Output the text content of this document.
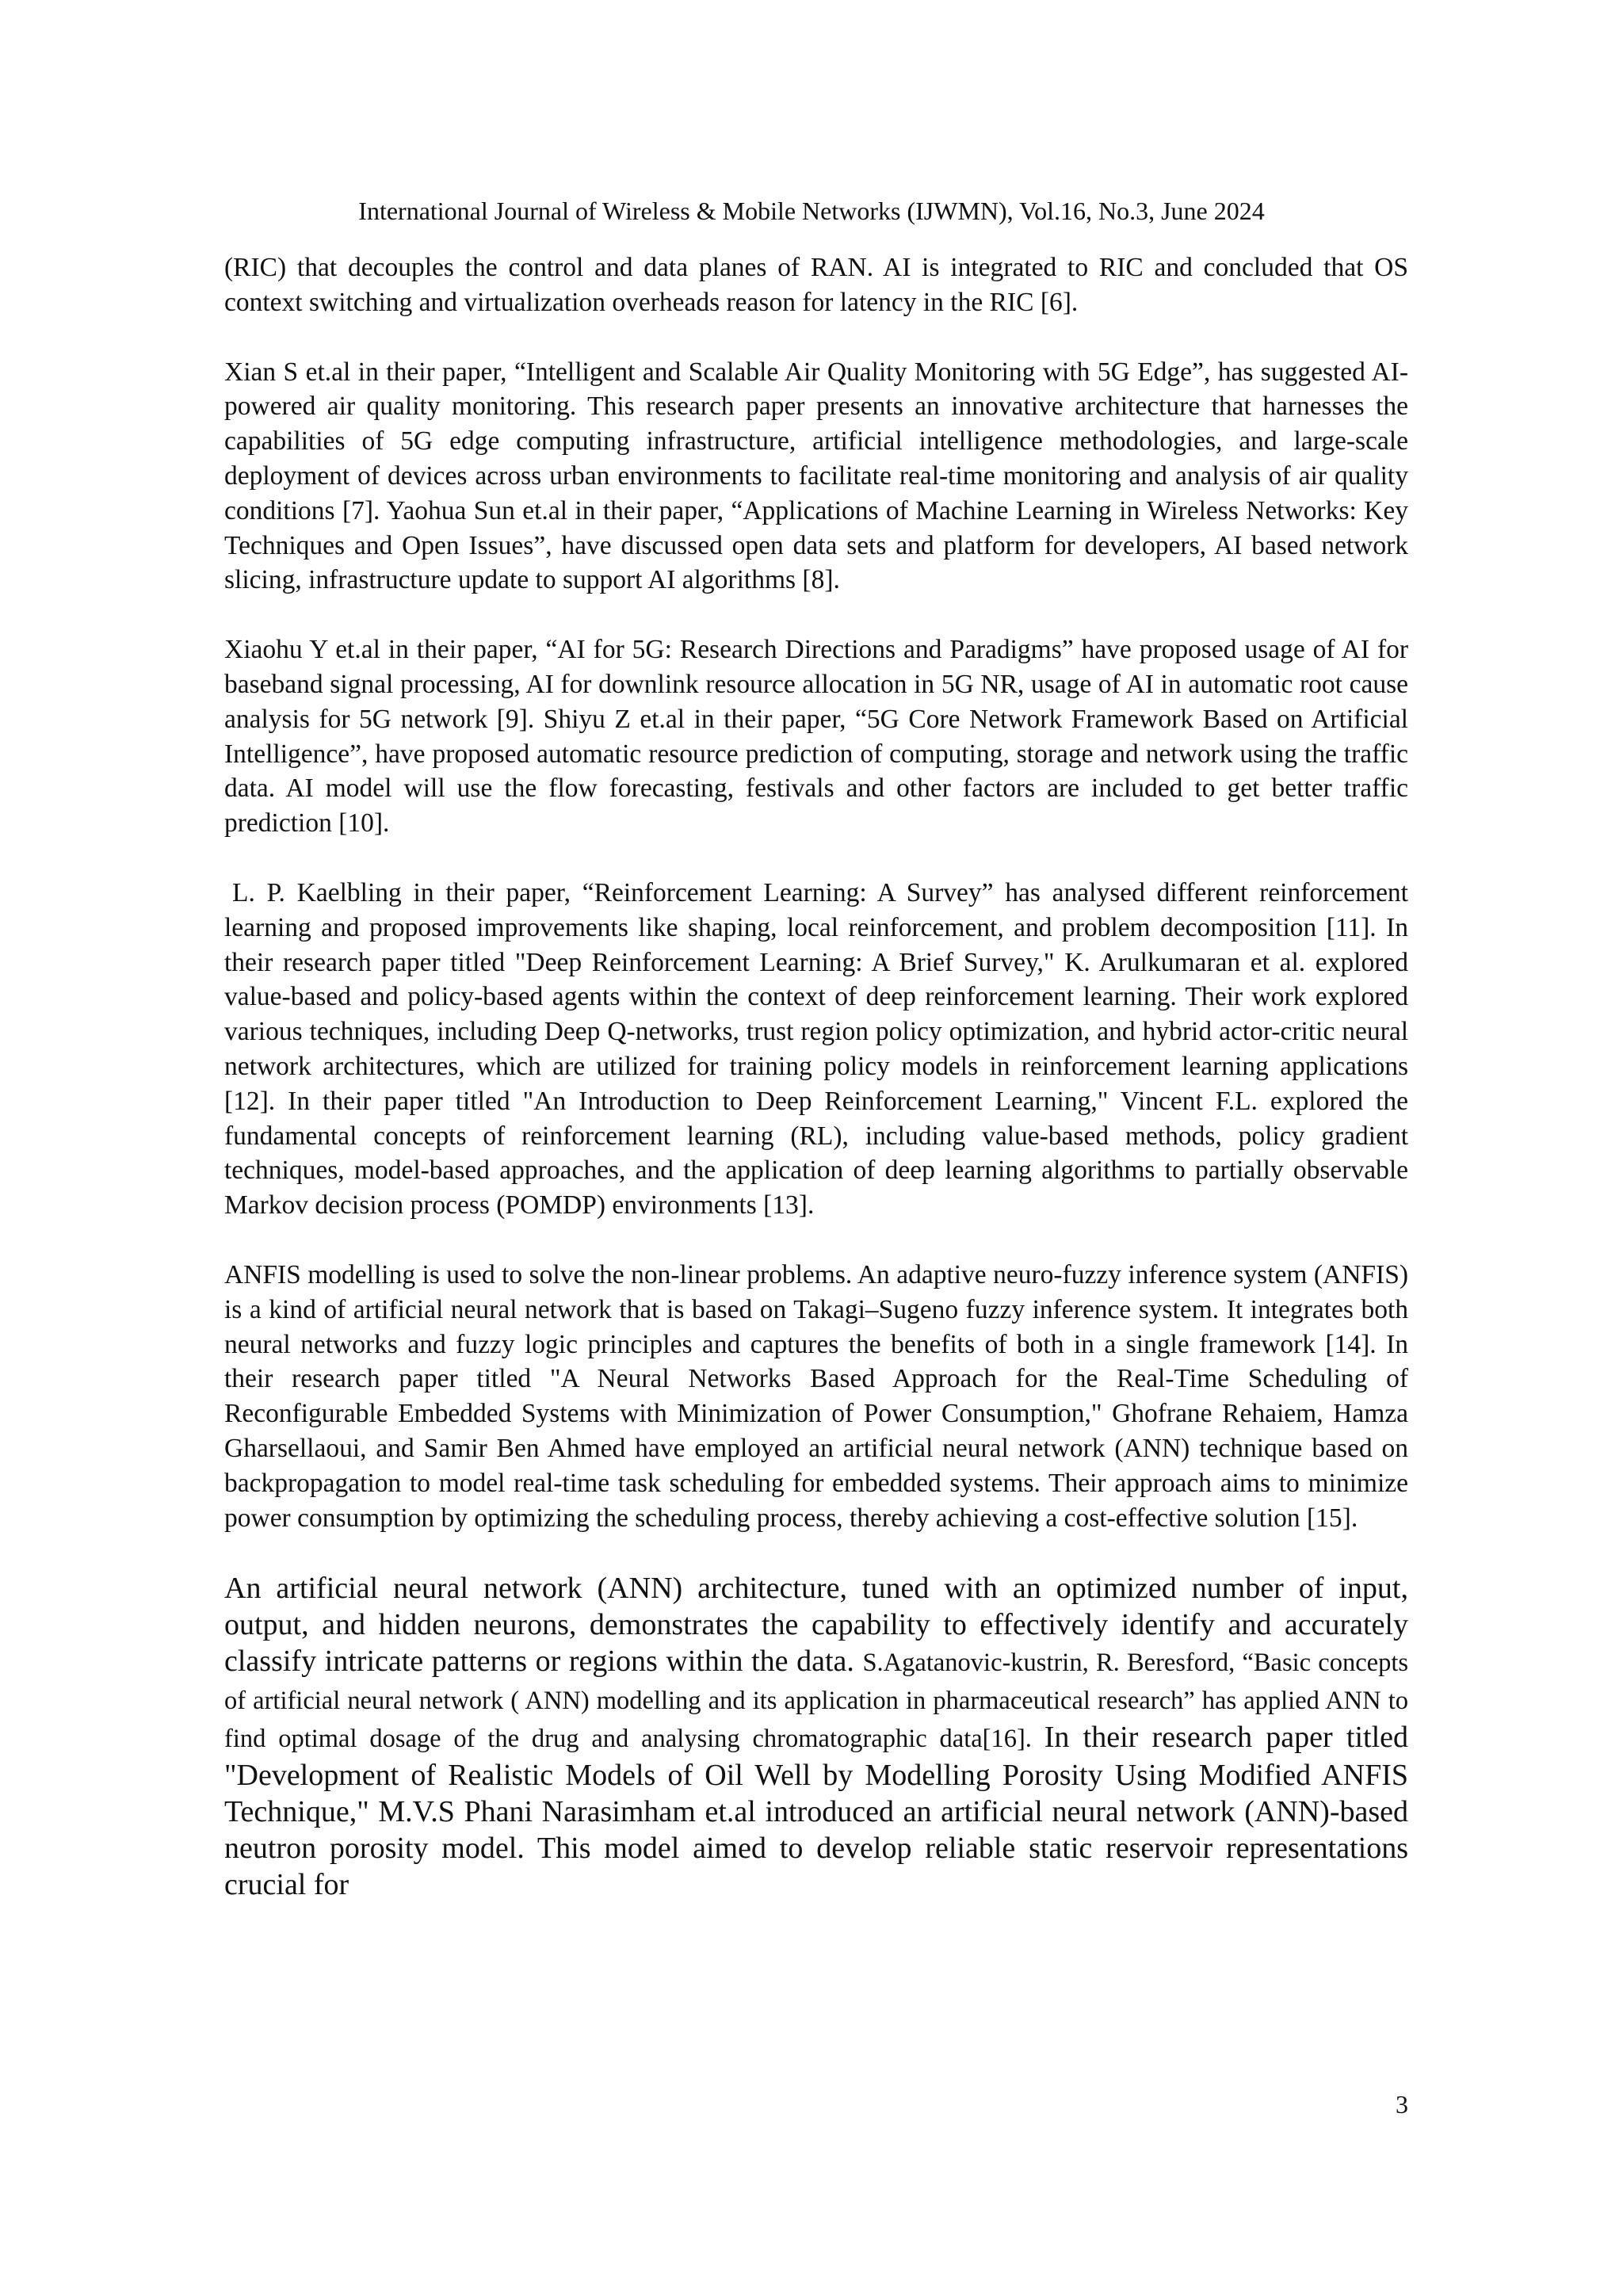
International Journal of Wireless & Mobile Networks (IJWMN), Vol.16, No.3, June 2024

(RIC) that decouples the control and data planes of RAN. AI is integrated to RIC and concluded that OS context switching and virtualization overheads reason for latency in the RIC [6].

Xian S et.al in their paper, “Intelligent and Scalable Air Quality Monitoring with 5G Edge”, has suggested AI-powered air quality monitoring. This research paper presents an innovative architecture that harnesses the capabilities of 5G edge computing infrastructure, artificial intelligence methodologies, and large-scale deployment of devices across urban environments to facilitate real-time monitoring and analysis of air quality conditions [7]. Yaohua Sun et.al in their paper, “Applications of Machine Learning in Wireless Networks: Key Techniques and Open Issues”, have discussed open data sets and platform for developers, AI based network slicing, infrastructure update to support AI algorithms [8].

Xiaohu Y et.al in their paper, “AI for 5G: Research Directions and Paradigms” have proposed usage of AI for baseband signal processing, AI for downlink resource allocation in 5G NR, usage of AI in automatic root cause analysis for 5G network [9]. Shiyu Z et.al in their paper, “5G Core Network Framework Based on Artificial Intelligence”, have proposed automatic resource prediction of computing, storage and network using the traffic data. AI model will use the flow forecasting, festivals and other factors are included to get better traffic prediction [10].

L. P. Kaelbling in their paper, “Reinforcement Learning: A Survey” has analysed different reinforcement learning and proposed improvements like shaping, local reinforcement, and problem decomposition [11]. In their research paper titled "Deep Reinforcement Learning: A Brief Survey," K. Arulkumaran et al. explored value-based and policy-based agents within the context of deep reinforcement learning. Their work explored various techniques, including Deep Q-networks, trust region policy optimization, and hybrid actor-critic neural network architectures, which are utilized for training policy models in reinforcement learning applications [12]. In their paper titled "An Introduction to Deep Reinforcement Learning," Vincent F.L. explored the fundamental concepts of reinforcement learning (RL), including value-based methods, policy gradient techniques, model-based approaches, and the application of deep learning algorithms to partially observable Markov decision process (POMDP) environments [13].

ANFIS modelling is used to solve the non-linear problems. An adaptive neuro-fuzzy inference system (ANFIS) is a kind of artificial neural network that is based on Takagi–Sugeno fuzzy inference system. It integrates both neural networks and fuzzy logic principles and captures the benefits of both in a single framework [14]. In their research paper titled "A Neural Networks Based Approach for the Real-Time Scheduling of Reconfigurable Embedded Systems with Minimization of Power Consumption," Ghofrane Rehaiem, Hamza Gharsellaoui, and Samir Ben Ahmed have employed an artificial neural network (ANN) technique based on backpropagation to model real-time task scheduling for embedded systems. Their approach aims to minimize power consumption by optimizing the scheduling process, thereby achieving a cost-effective solution [15].

An artificial neural network (ANN) architecture, tuned with an optimized number of input, output, and hidden neurons, demonstrates the capability to effectively identify and accurately classify intricate patterns or regions within the data. S.Agatanovic-kustrin, R. Beresford, “Basic concepts of artificial neural network ( ANN) modelling and its application in pharmaceutical research” has applied ANN to find optimal dosage of the drug and analysing chromatographic data[16]. In their research paper titled "Development of Realistic Models of Oil Well by Modelling Porosity Using Modified ANFIS Technique," M.V.S Phani Narasimham et.al introduced an artificial neural network (ANN)-based neutron porosity model. This model aimed to develop reliable static reservoir representations crucial for

3
